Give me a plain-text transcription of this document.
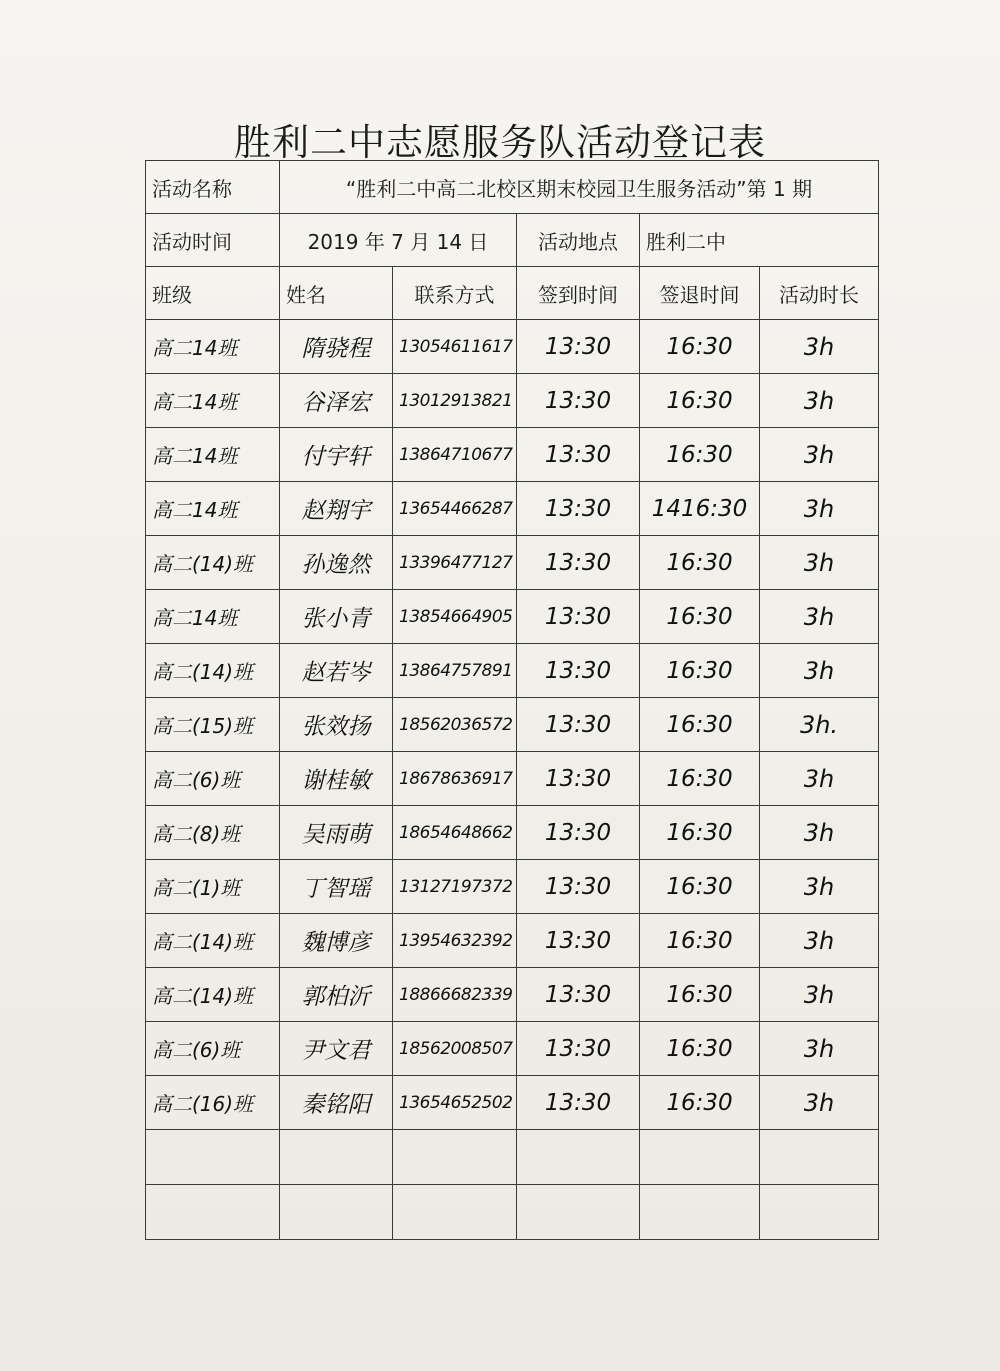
胜利二中志愿服务队活动登记表
活动名称	“胜利二中高二北校区期末校园卫生服务活动”第 1 期				
活动时间	2019 年 7 月 14 日		活动地点	胜利二中	
班级	姓名	联系方式	签到时间	签退时间	活动时长
高二14班	隋骁程	13054611617	13:30	16:30	3h
高二14班	谷泽宏	13012913821	13:30	16:30	3h
高二14班	付宇轩	13864710677	13:30	16:30	3h
高二14班	赵翔宇	13654466287	13:30	1416:30	3h
高二(14)班	孙逸然	13396477127	13:30	16:30	3h
高二14班	张小青	13854664905	13:30	16:30	3h
高二(14)班	赵若岑	13864757891	13:30	16:30	3h
高二(15)班	张效扬	18562036572	13:30	16:30	3h.
高二(6)班	谢桂敏	18678636917	13:30	16:30	3h
高二(8)班	吴雨萌	18654648662	13:30	16:30	3h
高二(1)班	丁智瑶	13127197372	13:30	16:30	3h
高二(14)班	魏博彦	13954632392	13:30	16:30	3h
高二(14)班	郭柏沂	18866682339	13:30	16:30	3h
高二(6)班	尹文君	18562008507	13:30	16:30	3h
高二(16)班	秦铭阳	13654652502	13:30	16:30	3h
